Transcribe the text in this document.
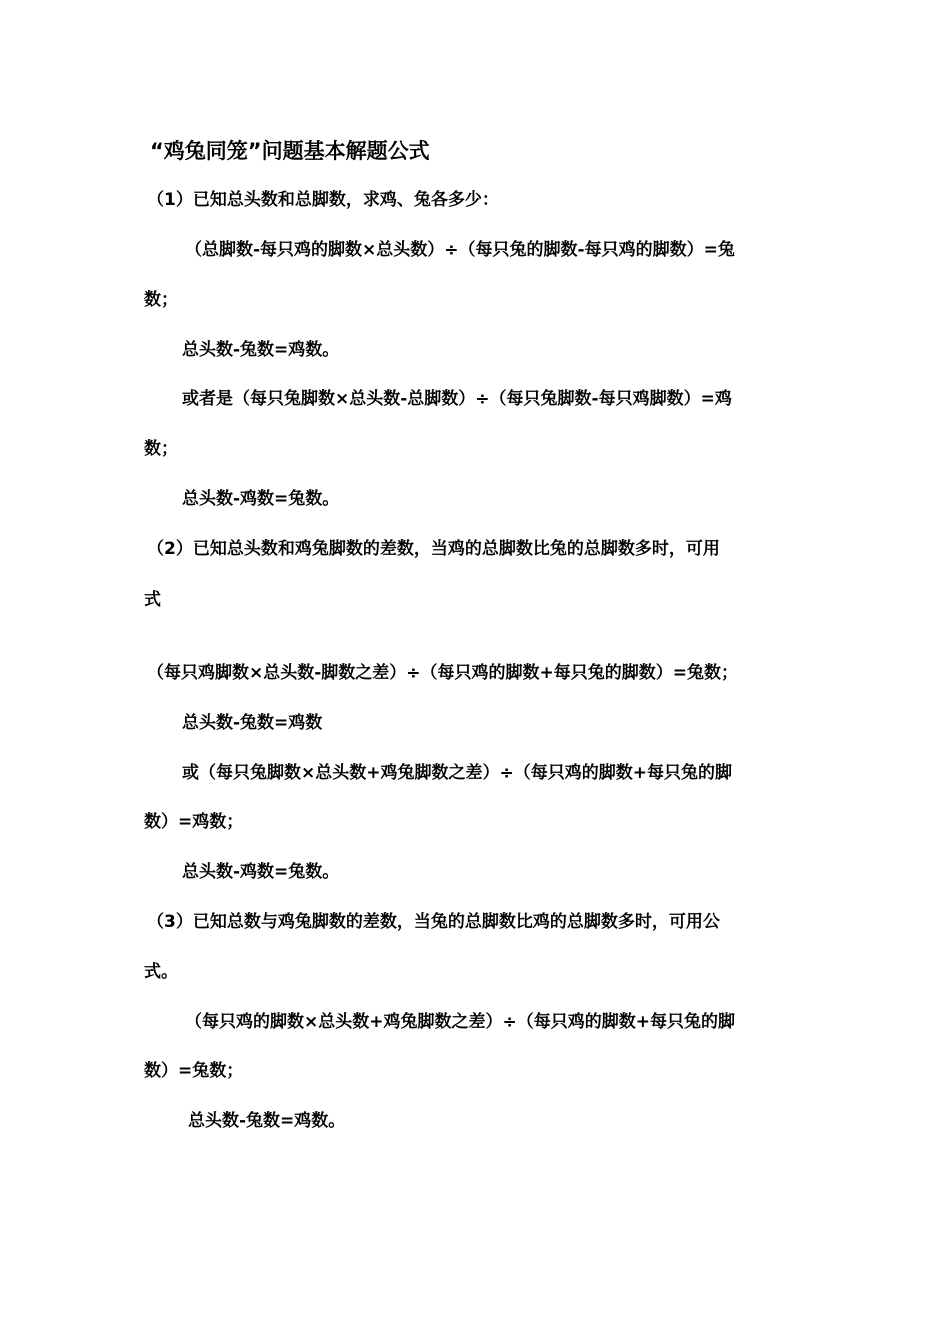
“鸡兔同笼”问题基本解题公式
（1）已知总头数和总脚数，求鸡、兔各多少：
（总脚数-每只鸡的脚数×总头数）÷（每只兔的脚数-每只鸡的脚数）=兔
数；
总头数-兔数=鸡数。
或者是（每只兔脚数×总头数-总脚数）÷（每只兔脚数-每只鸡脚数）=鸡
数；
总头数-鸡数=兔数。
（2）已知总头数和鸡兔脚数的差数，当鸡的总脚数比兔的总脚数多时，可用
式
（每只鸡脚数×总头数-脚数之差）÷（每只鸡的脚数+每只兔的脚数）=兔数；
总头数-兔数=鸡数
或（每只兔脚数×总头数+鸡兔脚数之差）÷（每只鸡的脚数+每只兔的脚
数）=鸡数；
总头数-鸡数=兔数。
（3）已知总数与鸡兔脚数的差数，当兔的总脚数比鸡的总脚数多时，可用公
式。
（每只鸡的脚数×总头数+鸡兔脚数之差）÷（每只鸡的脚数+每只兔的脚
数）=兔数；
总头数-兔数=鸡数。
